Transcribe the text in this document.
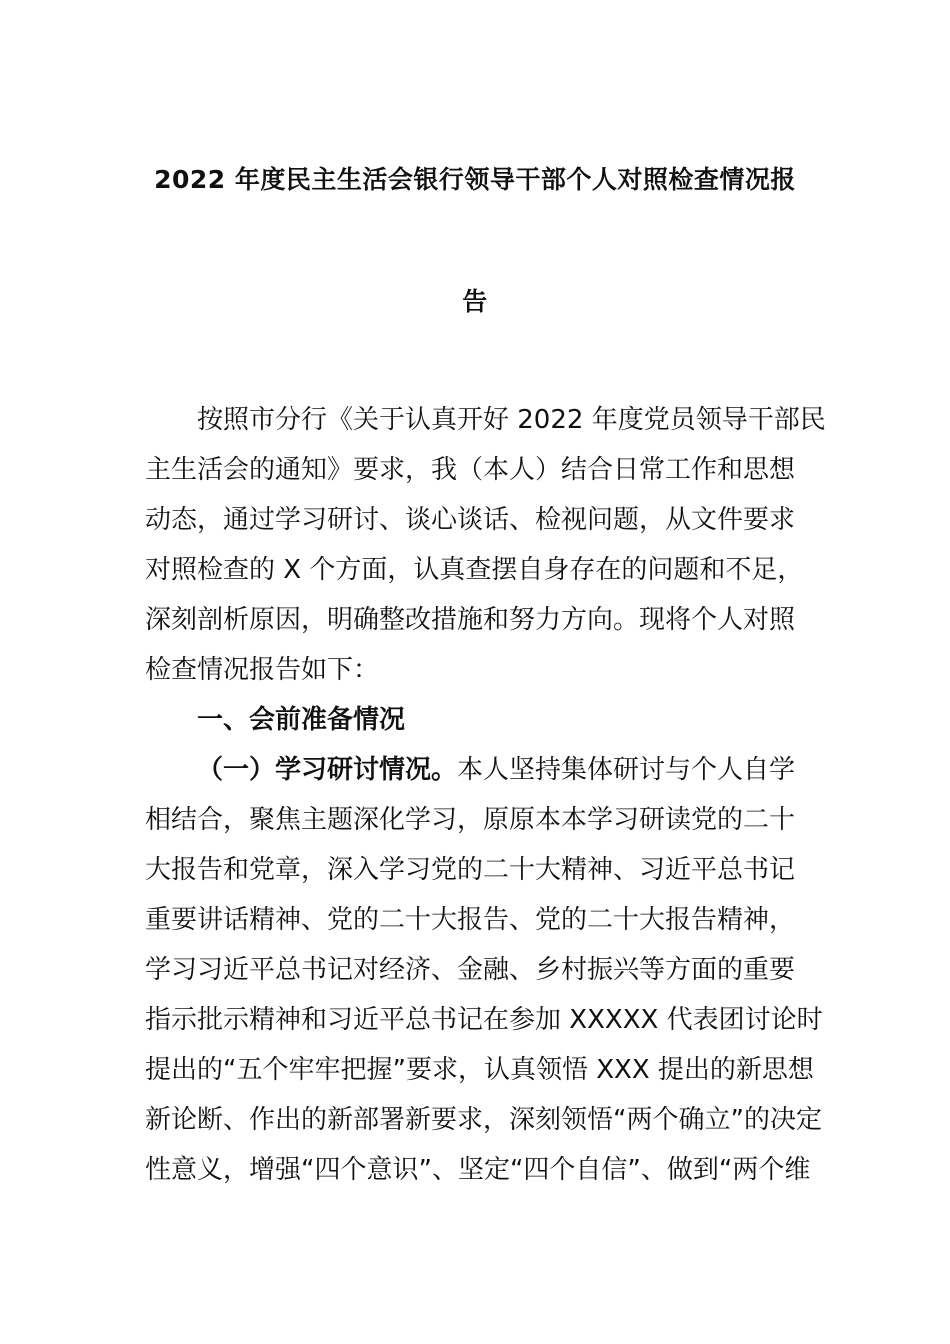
2022 年度民主生活会银行领导干部个人对照检查情况报
告
按照市分行《关于认真开好 2022 年度党员领导干部民
主生活会的通知》要求，我（本人）结合日常工作和思想
动态，通过学习研讨、谈心谈话、检视问题，从文件要求
对照检查的 X 个方面，认真查摆自身存在的问题和不足，
深刻剖析原因，明确整改措施和努力方向。现将个人对照
检查情况报告如下：
一、会前准备情况
（一）学习研讨情况。本人坚持集体研讨与个人自学
相结合，聚焦主题深化学习，原原本本学习研读党的二十
大报告和党章，深入学习党的二十大精神、习近平总书记
重要讲话精神、党的二十大报告、党的二十大报告精神，
学习习近平总书记对经济、金融、乡村振兴等方面的重要
指示批示精神和习近平总书记在参加 XXXXX 代表团讨论时
提出的“五个牢牢把握”要求，认真领悟 XXX 提出的新思想
新论断、作出的新部署新要求，深刻领悟“两个确立”的决定
性意义，增强“四个意识”、坚定“四个自信”、做到“两个维
